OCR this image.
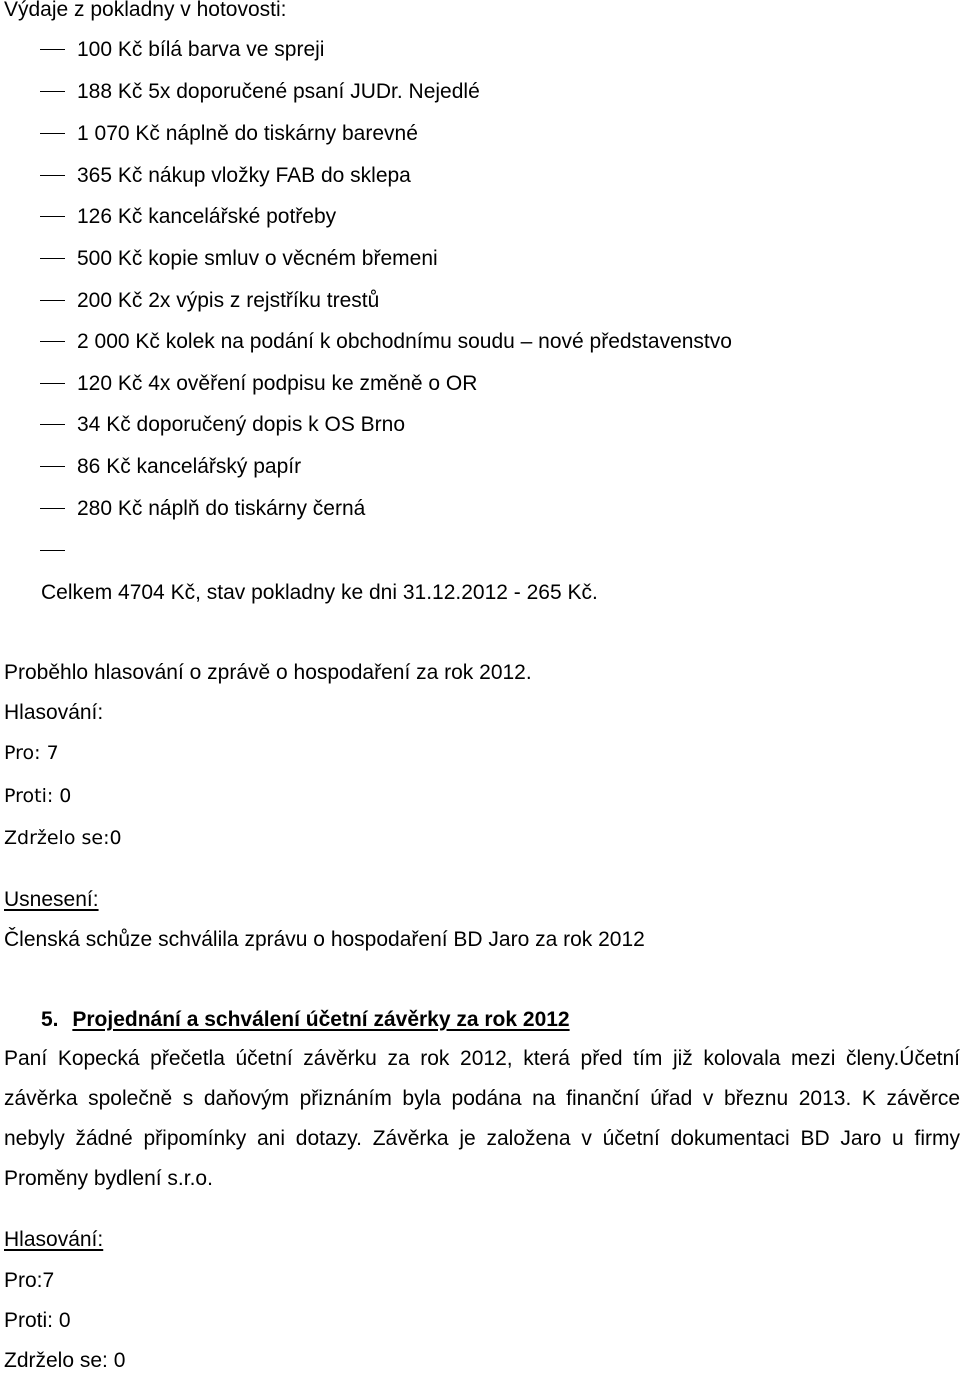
Výdaje z pokladny v hotovosti:
100 Kč bílá barva ve spreji
188 Kč 5x doporučené psaní JUDr. Nejedlé
1 070 Kč náplně do tiskárny barevné
365 Kč nákup vložky FAB do sklepa
126 Kč kancelářské potřeby
500 Kč kopie smluv o věcném břemeni
200 Kč 2x výpis z rejstříku trestů
2 000 Kč kolek na podání k obchodnímu soudu – nové představenstvo
120 Kč 4x ověření podpisu ke změně o OR
34 Kč doporučený dopis k OS Brno
86 Kč kancelářský papír
280 Kč náplň do tiskárny černá
Celkem 4704 Kč, stav pokladny ke dni 31.12.2012 - 265 Kč.
Proběhlo hlasování o zprávě o hospodaření za rok 2012.
Hlasování:
Pro: 7
Proti: 0
Zdrželo se:0
Usnesení:
Členská schůze schválila zprávu o hospodaření BD Jaro za rok 2012
5. Projednání a schválení účetní závěrky za rok 2012
Paní Kopecká přečetla účetní závěrku za rok 2012, která před tím již kolovala mezi členy.Účetní závěrka společně s daňovým přiznáním byla podána na finanční úřad v březnu 2013. K závěrce nebyly žádné připomínky ani dotazy. Závěrka je založena v účetní dokumentaci BD Jaro u firmy Proměny bydlení s.r.o.
Hlasování:
Pro:7
Proti: 0
Zdrželo se: 0
